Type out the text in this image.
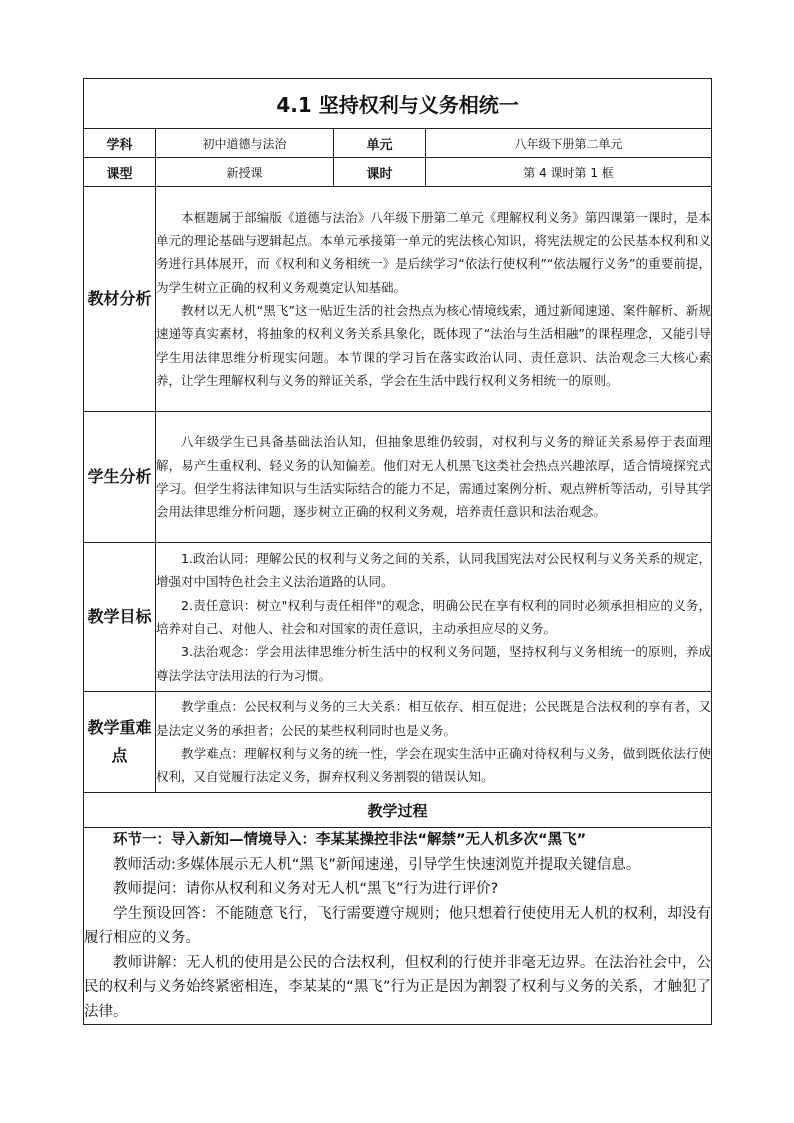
4.1 坚持权利与义务相统一			
学科	初中道德与法治	单元	八年级下册第二单元
课型	新授课	课时	第 4 课时第 1 框
教材分析	本框题属于部编版《道德与法治》八年级下册第二单元《理解权利义务》第四课第一课时，是本单元的理论基础与逻辑起点。本单元承接第一单元的宪法核心知识，将宪法规定的公民基本权利和义务进行具体展开，而《权利和义务相统一》是后续学习“依法行使权利”“依法履行义务”的重要前提，为学生树立正确的权利义务观奠定认知基础。

教材以无人机“黑飞”这一贴近生活的社会热点为核心情境线索，通过新闻速递、案件解析、新规速递等真实素材，将抽象的权利义务关系具象化，既体现了“法治与生活相融”的课程理念，又能引导学生用法律思维分析现实问题。本节课的学习旨在落实政治认同、责任意识、法治观念三大核心素养，让学生理解权利与义务的辩证关系，学会在生活中践行权利义务相统一的原则。		

学生分析	八年级学生已具备基础法治认知，但抽象思维仍较弱，对权利与义务的辩证关系易停于表面理解，易产生重权利、轻义务的认知偏差。他们对无人机黑飞这类社会热点兴趣浓厚，适合情境探究式学习。但学生将法律知识与生活实际结合的能力不足，需通过案例分析、观点辨析等活动，引导其学会用法律思维分析问题，逐步树立正确的权利义务观，培养责任意识和法治观念。		

教学目标	1.政治认同：理解公民的权利与义务之间的关系，认同我国宪法对公民权利与义务关系的规定，增强对中国特色社会主义法治道路的认同。

2.责任意识：树立"权利与责任相伴"的观念，明确公民在享有权利的同时必须承担相应的义务，培养对自己、对他人、社会和对国家的责任意识，主动承担应尽的义务。

3.法治观念：学会用法律思维分析生活中的权利义务问题，坚持权利与义务相统一的原则，养成尊法学法守法用法的行为习惯。		

教学重难点	教学重点：公民权利与义务的三大关系：相互依存、相互促进；公民既是合法权利的享有者，又是法定义务的承担者；公民的某些权利同时也是义务。

教学难点：理解权利与义务的统一性，学会在现实生活中正确对待权利与义务，做到既依法行使权利，又自觉履行法定义务，摒弃权利义务割裂的错误认知。		

教学过程			

环节一：导入新知—情境导入：李某某操控非法“解禁”无人机多次“黑飞”

教师活动:多媒体展示无人机“黑飞”新闻速递，引导学生快速浏览并提取关键信息。

教师提问：请你从权利和义务对无人机“黑飞”行为进行评价?

学生预设回答：不能随意飞行，飞行需要遵守规则；他只想着行使使用无人机的权利，却没有履行相应的义务。

教师讲解：无人机的使用是公民的合法权利，但权利的行使并非毫无边界。在法治社会中，公民的权利与义务始终紧密相连，李某某的“黑飞”行为正是因为割裂了权利与义务的关系，才触犯了法律。			
